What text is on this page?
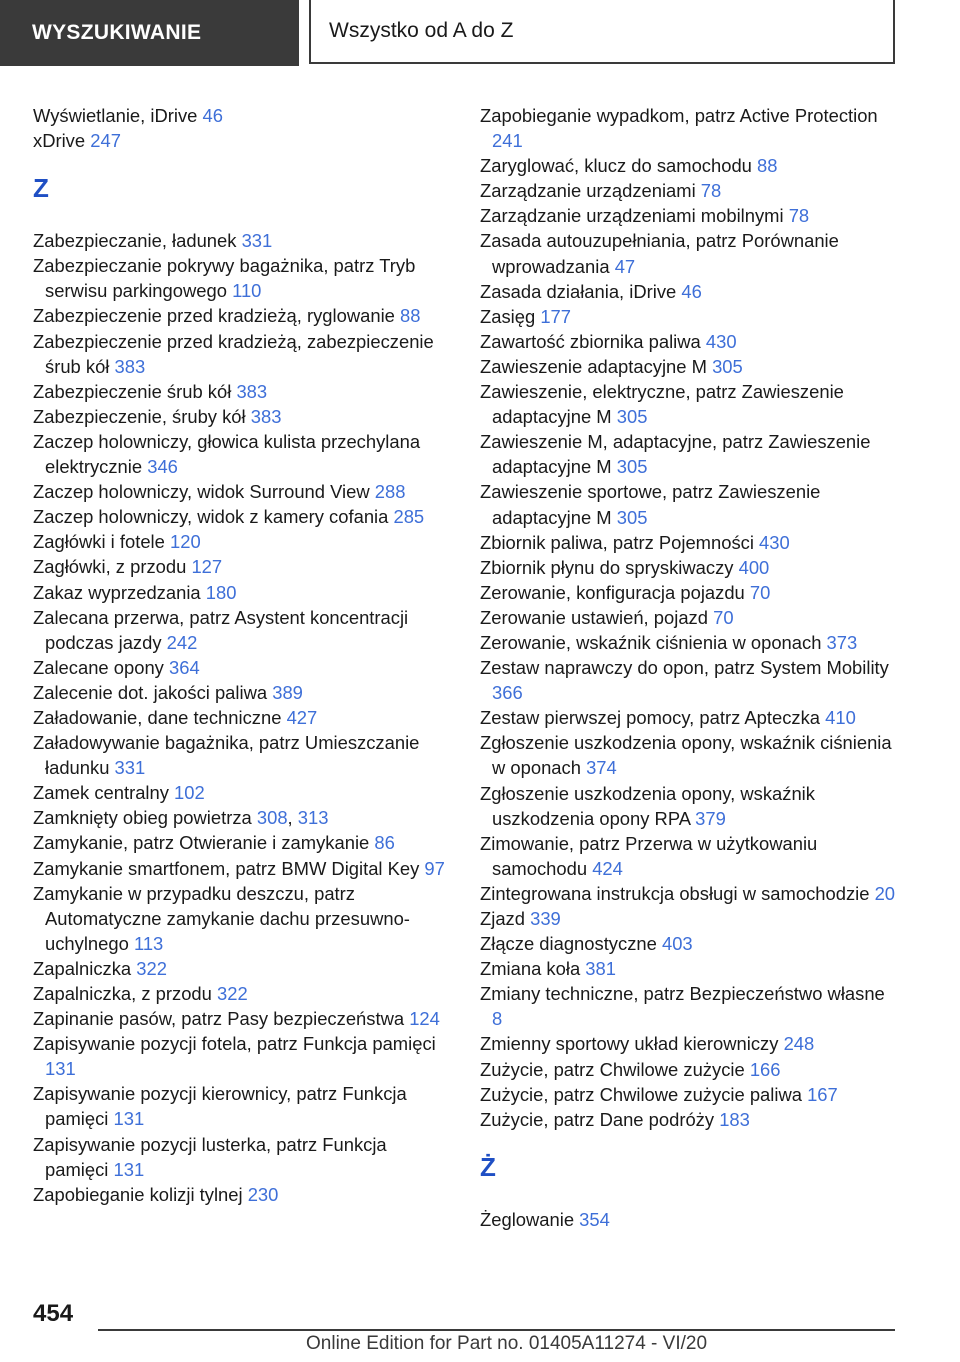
WYSZUKIWANIE	Wszystko od A do Z

Wyświetlanie, iDrive 46

xDrive 247

Z

Zabezpieczanie, ładunek 331

Zabezpieczanie pokrywy bagażnika, patrz Tryb serwisu parkingowego 110

Zabezpieczenie przed kradzieżą, ryglowanie 88

Zabezpieczenie przed kradzieżą, zabezpieczenie śrub kół 383

Zabezpieczenie śrub kół 383

Zabezpieczenie, śruby kół 383

Zaczep holowniczy, głowica kulista przechylana elektrycznie 346

Zaczep holowniczy, widok Surround View 288

Zaczep holowniczy, widok z kamery cofania 285

Zagłówki i fotele 120

Zagłówki, z przodu 127

Zakaz wyprzedzania 180

Zalecana przerwa, patrz Asystent koncentracji podczas jazdy 242

Zalecane opony 364

Zalecenie dot. jakości paliwa 389

Załadowanie, dane techniczne 427

Załadowywanie bagażnika, patrz Umieszczanie ładunku 331

Zamek centralny 102

Zamknięty obieg powietrza 308, 313

Zamykanie, patrz Otwieranie i zamykanie 86

Zamykanie smartfonem, patrz BMW Digital Key 97

Zamykanie w przypadku deszczu, patrz Automatyczne zamykanie dachu przesuwno-uchylnego 113

Zapalniczka 322

Zapalniczka, z przodu 322

Zapinanie pasów, patrz Pasy bezpieczeństwa 124

Zapisywanie pozycji fotela, patrz Funkcja pamięci 131

Zapisywanie pozycji kierownicy, patrz Funkcja pamięci 131

Zapisywanie pozycji lusterka, patrz Funkcja pamięci 131

Zapobieganie kolizji tylnej 230

Zapobieganie wypadkom, patrz Active Protection 241

Zaryglować, klucz do samochodu 88

Zarządzanie urządzeniami 78

Zarządzanie urządzeniami mobilnymi 78

Zasada autouzupełniania, patrz Porównanie wprowadzania 47

Zasada działania, iDrive 46

Zasięg 177

Zawartość zbiornika paliwa 430

Zawieszenie adaptacyjne M 305

Zawieszenie, elektryczne, patrz Zawieszenie adaptacyjne M 305

Zawieszenie M, adaptacyjne, patrz Zawieszenie adaptacyjne M 305

Zawieszenie sportowe, patrz Zawieszenie adaptacyjne M 305

Zbiornik paliwa, patrz Pojemności 430

Zbiornik płynu do spryskiwaczy 400

Zerowanie, konfiguracja pojazdu 70

Zerowanie ustawień, pojazd 70

Zerowanie, wskaźnik ciśnienia w oponach 373

Zestaw naprawczy do opon, patrz System Mobility 366

Zestaw pierwszej pomocy, patrz Apteczka 410

Zgłoszenie uszkodzenia opony, wskaźnik ciśnienia w oponach 374

Zgłoszenie uszkodzenia opony, wskaźnik uszkodzenia opony RPA 379

Zimowanie, patrz Przerwa w użytkowaniu samochodu 424

Zintegrowana instrukcja obsługi w samochodzie 20

Zjazd 339

Złącze diagnostyczne 403

Zmiana koła 381

Zmiany techniczne, patrz Bezpieczeństwo własne 8

Zmienny sportowy układ kierowniczy 248

Zużycie, patrz Chwilowe zużycie 166

Zużycie, patrz Chwilowe zużycie paliwa 167

Zużycie, patrz Dane podróży 183

Ż

Żeglowanie 354

454
Online Edition for Part no. 01405A11274 - VI/20
